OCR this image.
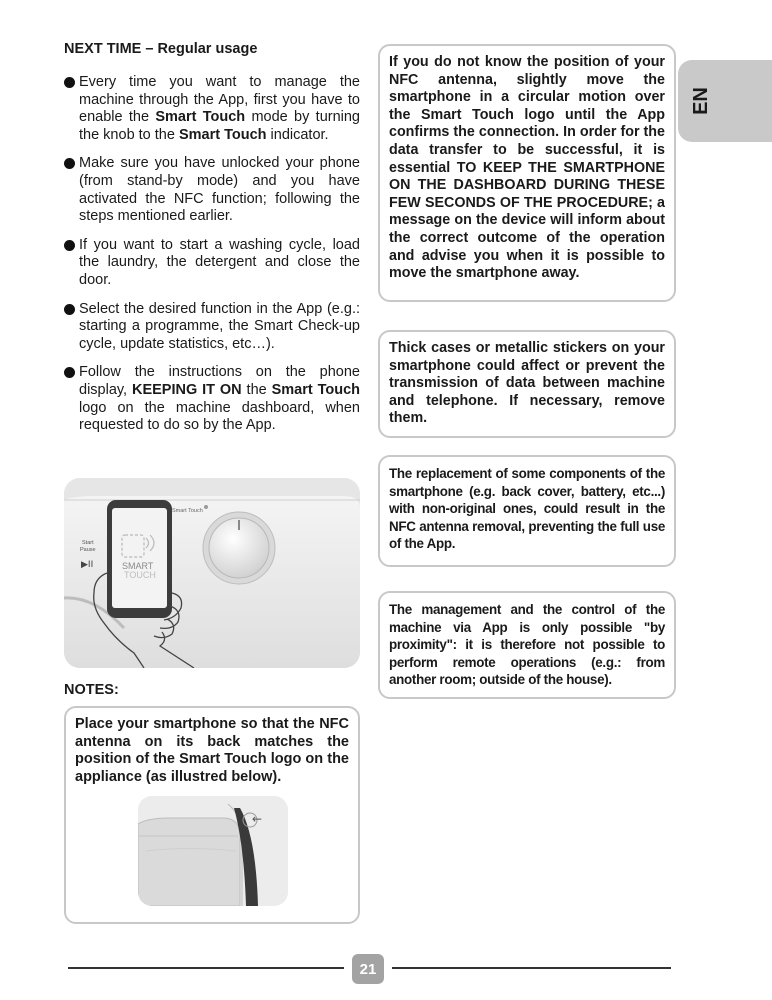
EN
NEXT TIME – Regular usage

Every time you want to manage the machine through the App, first you have to enable the Smart Touch mode by turning the knob to the Smart Touch indicator.

Make sure you have unlocked your phone (from stand-by mode) and you have activated the NFC function; following the steps mentioned earlier.

If you want to start a washing cycle, load the laundry, the detergent and close the door.

Select the desired function in the App (e.g.: starting a programme, the Smart Check-up cycle, update statistics, etc…).

Follow the instructions on the phone display, KEEPING IT ON the Smart Touch logo on the machine dashboard, when requested to do so by the App.

Smart Touch
Start
Pause
▶II	SMART
TOUCH
NOTES:

Place your smartphone so that the NFC antenna on its back matches the position of the Smart Touch logo on the appliance (as illustred below).

←

If you do not know the position of your NFC antenna, slightly move the smartphone in a circular motion over the Smart Touch logo until the App confirms the connection. In order for the data transfer to be successful, it is essential TO KEEP THE SMARTPHONE ON THE DASHBOARD DURING THESE FEW SECONDS OF THE PROCEDURE; a message on the device will inform about the correct outcome of the operation and advise you when it is possible to move the smartphone away.

Thick cases or metallic stickers on your smartphone could affect or prevent the transmission of data between machine and telephone. If necessary, remove them.

The replacement of some components of the smartphone (e.g. back cover, battery, etc...) with non-original ones, could result in the NFC antenna removal, preventing the full use of the App.

The management and the control of the machine via App is only possible "by proximity": it is therefore not possible to perform remote operations (e.g.: from another room; outside of the house).

21
